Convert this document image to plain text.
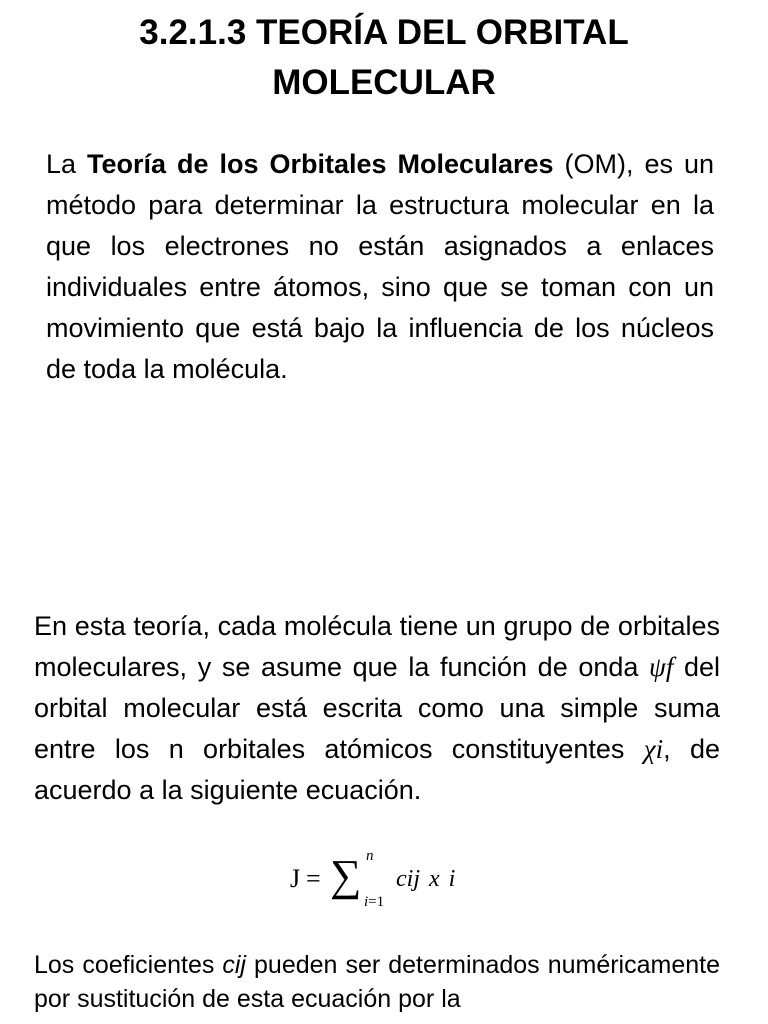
3.2.1.3 TEORÍA DEL ORBITAL
MOLECULAR

La Teoría de los Orbitales Moleculares (OM), es un método para determinar la estructura molecular en la que los electrones no están asignados a enlaces individuales entre átomos, sino que se toman con un movimiento que está bajo la influencia de los núcleos de toda la molécula.

En esta teoría, cada molécula tiene un grupo de orbitales moleculares, y se asume que la función de onda ψf del orbital molecular está escrita como una simple suma entre los n orbitales atómicos constituyentes χi, de acuerdo a la siguiente ecuación.

J = ∑ n
i=1
cij x i

Los coeficientes cij pueden ser determinados numéricamente por sustitución de esta ecuación por la
